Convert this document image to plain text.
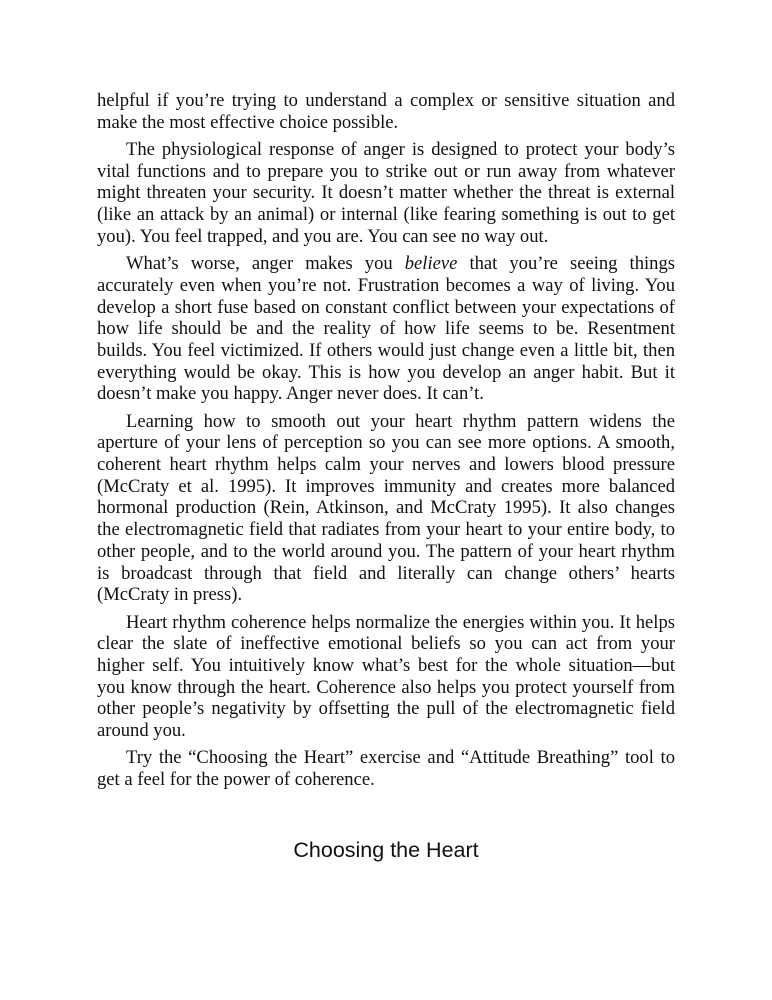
helpful if you’re trying to understand a complex or sensitive situation and make the most effective choice possible.

The physiological response of anger is designed to protect your body’s vital functions and to prepare you to strike out or run away from whatever might threaten your security. It doesn’t matter whether the threat is external (like an attack by an animal) or internal (like fearing something is out to get you). You feel trapped, and you are. You can see no way out.

What’s worse, anger makes you believe that you’re seeing things accurately even when you’re not. Frustration becomes a way of living. You develop a short fuse based on constant conflict between your expectations of how life should be and the reality of how life seems to be. Resentment builds. You feel victimized. If others would just change even a little bit, then everything would be okay. This is how you develop an anger habit. But it doesn’t make you happy. Anger never does. It can’t.

Learning how to smooth out your heart rhythm pattern widens the aperture of your lens of perception so you can see more options. A smooth, coherent heart rhythm helps calm your nerves and lowers blood pressure (McCraty et al. 1995). It improves immunity and creates more balanced hormonal production (Rein, Atkinson, and McCraty 1995). It also changes the electromagnetic field that radiates from your heart to your entire body, to other people, and to the world around you. The pattern of your heart rhythm is broadcast through that field and literally can change others’ hearts (McCraty in press).

Heart rhythm coherence helps normalize the energies within you. It helps clear the slate of ineffective emotional beliefs so you can act from your higher self. You intuitively know what’s best for the whole situation—but you know through the heart. Coherence also helps you protect yourself from other people’s negativity by offsetting the pull of the electromagnetic field around you.

Try the “Choosing the Heart” exercise and “Attitude Breathing” tool to get a feel for the power of coherence.

Choosing the Heart
